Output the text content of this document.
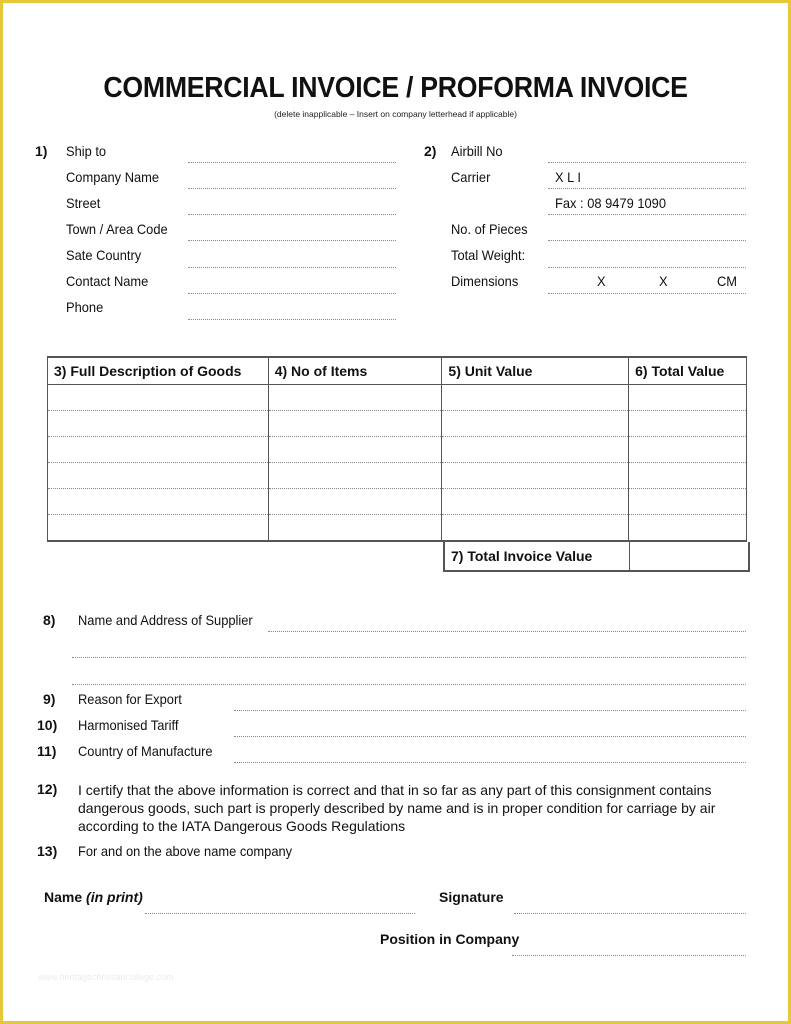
COMMERCIAL INVOICE / PROFORMA INVOICE
(delete inapplicable – Insert on company letterhead if applicable)
1) Ship to
Company Name
Street
Town / Area Code
Sate Country
Contact Name
Phone
2) Airbill No
Carrier	X L I
Fax : 08 9479 1090
No. of Pieces
Total Weight:
Dimensions	X	X	CM
3) Full Description of Goods	4) No of Items	5) Unit Value	6) Total Value

7) Total Invoice Value
8) Name and Address of Supplier
9) Reason for Export
10) Harmonised Tariff
11) Country of Manufacture
12) I certify that the above information is correct and that in so far as any part of this consignment contains dangerous goods, such part is properly described by name and is in proper condition for carriage by air according to the IATA Dangerous Goods Regulations
13) For and on the above name company
Name (in print)	Signature
Position in Company
www.heritagechristiancollege.com
